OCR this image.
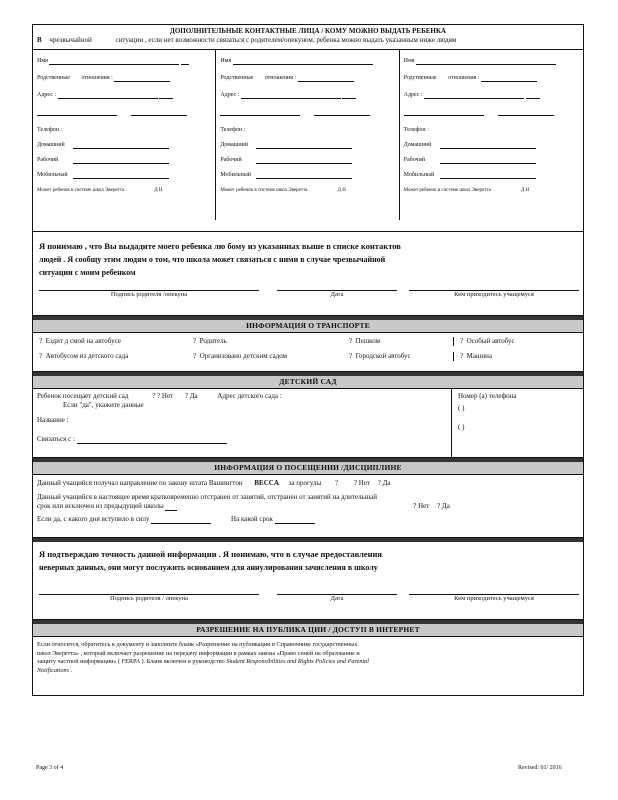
ДОПОЛНИТЕЛЬНЫЕ КОНТАКТНЫЕ ЛИЦА / КОМУ МОЖНО ВЫДАТЬ РЕБЕНКА
В чрезвычайной	ситуации , если нет возможности связаться с родителем/опекуном, ребенка можно выдать указанным ниже людям
Имя
Родственные отношения :
Адрес :
Телефон :
Домашний
Рабочий
Мобильный
Может ребенок в системе школ Эверетта	Д Н
Имя
Родственные отношения :
Адрес :
Телефон :
Домашний
Рабочий
Мобильный
Может ребенок в системе школ Эверетта	Д Н
Имя
Родственные отношения :
Адрес :
Телефон :
Домашний
Рабочий
Мобильный
Может ребенок в системе школ Эверетта	Д Н
Я понимаю , что Вы выдадите моего ребенка лю бому из указанных выше в списке контактов
людей . Я сообщу этим людям о том, что школа может связаться с ними в случае чрезвычайной
ситуации с моим ребенком
Подпись родителя /опекуна	Дата	Кем приходитесь учащемуся
ИНФОРМАЦИЯ О ТРАНСПОРТЕ
? Ездит д смой на автобусе	? Родитель	? Пешком	? Особый автобус
? Автобусом из детского сада	? Организовано детским садом	? Городской автобус	? Машина
ДЕТСКИЙ САД
Ребенок посещает детский сад	? ? Нет ? Да	Адрес детского сада :
Если "да", укажите данные
Название :
Связаться с :
Номер (а) телефона
( )
( )
ИНФОРМАЦИЯ О ПОСЕЩЕНИИ /ДИСЦИПЛИНЕ
Данный учащийся получал направление по закону штата Вашингтон BECCA за прогулы ? ? Нет ? Да
Данный учащийся в настоящее время кратковременно отстранен от занятий, отстранен от занятий на длительный
срок или исключен из предыдущей школы	? Нет ? Да
Если да, с какого дня вступило в силу	На какой срок
Я подтверждаю точность данной информации . Я понимаю, что в случае предоставления
неверных данных, они могут послужить основанием для аннулирования зачисления в школу
Подпись родителя / опекуна	Дата	Кем приходитесь учащемуся
РАЗРЕШЕНИЕ НА ПУБЛИКА ЦИИ / ДОСТУП В ИНТЕРНЕТ
Если относится, обратитесь к документу и заполните бланк «Разрешение на публикации в Справочнике государственных
школ Эверетта» , который включает разрешение на передачу информации в рамках закона «Право семей на образование и
защиту частной информации» ( FERPA ). Бланк включен в руководство Student Responsibilities and Rights Policies and Parental
Notifications .
Page 3 of 4	Revised: 01/ 2016
